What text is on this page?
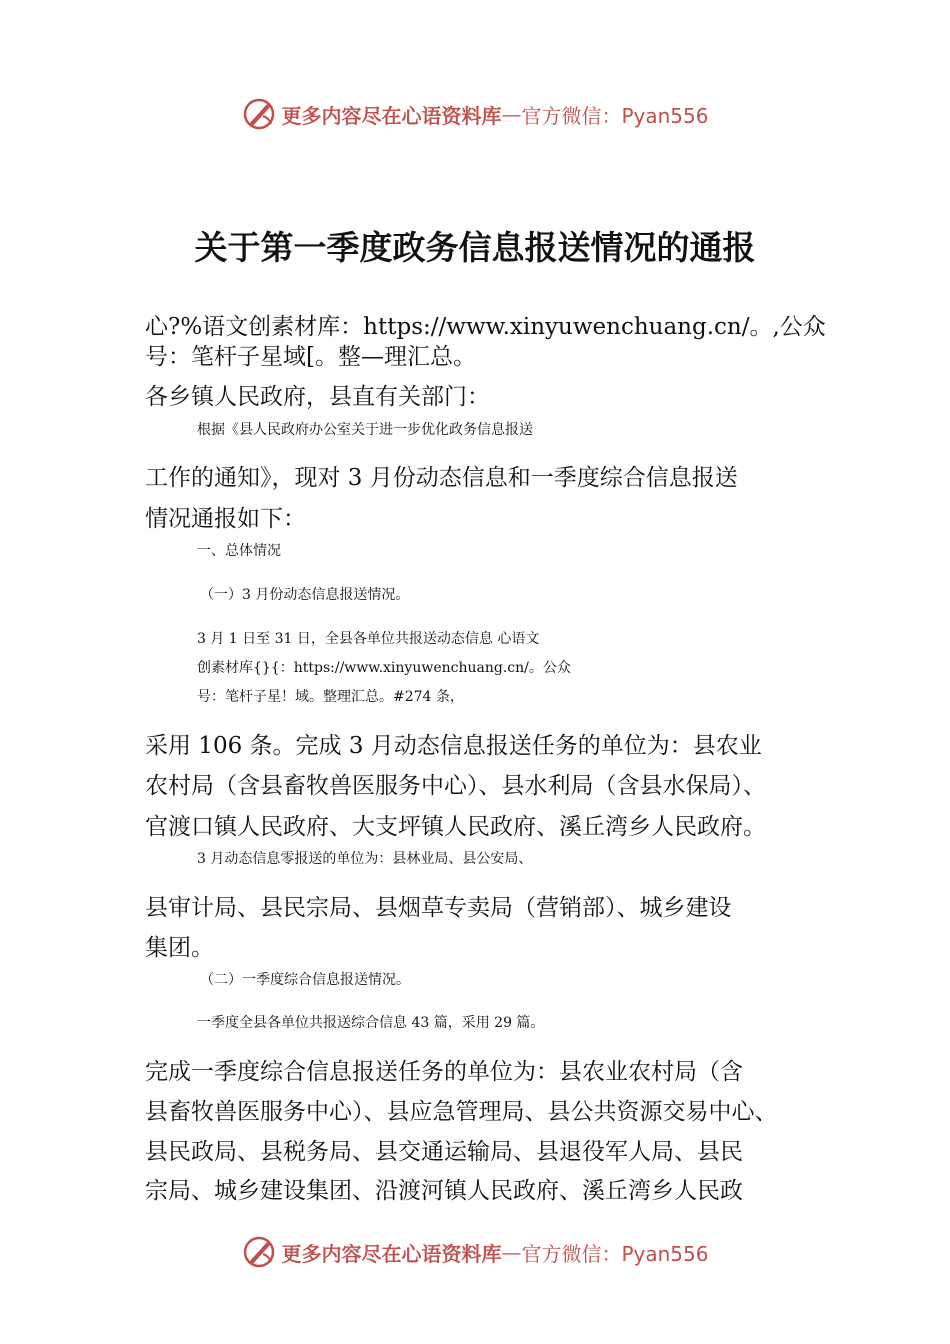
更多内容尽在心语资料库 — 官方微信：Pyan556
关于第一季度政务信息报送情况的通报

心?%语文创素材库：https://www.xinyuwenchuang.cn/。,公众

号：笔杆子星域[。整—理汇总。

各乡镇人民政府，县直有关部门：

根据《县人民政府办公室关于进一步优化政务信息报送

工作的通知》，现对 3 月份动态信息和一季度综合信息报送

情况通报如下：

一、总体情况

（一）3 月份动态信息报送情况。

3 月 1 日至 31 日，全县各单位共报送动态信息 心语文

创素材库{}{：https://www.xinyuwenchuang.cn/。公众

号：笔杆子星！域。整理汇总。#274 条，

采用 106 条。完成 3 月动态信息报送任务的单位为：县农业

农村局（含县畜牧兽医服务中心）、县水利局（含县水保局）、

官渡口镇人民政府、大支坪镇人民政府、溪丘湾乡人民政府。

3 月动态信息零报送的单位为：县林业局、县公安局、

县审计局、县民宗局、县烟草专卖局（营销部）、城乡建设

集团。

（二）一季度综合信息报送情况。

一季度全县各单位共报送综合信息 43 篇，采用 29 篇。

完成一季度综合信息报送任务的单位为：县农业农村局（含

县畜牧兽医服务中心）、县应急管理局、县公共资源交易中心、

县民政局、县税务局、县交通运输局、县退役军人局、县民

宗局、城乡建设集团、沿渡河镇人民政府、溪丘湾乡人民政

更多内容尽在心语资料库 — 官方微信：Pyan556
